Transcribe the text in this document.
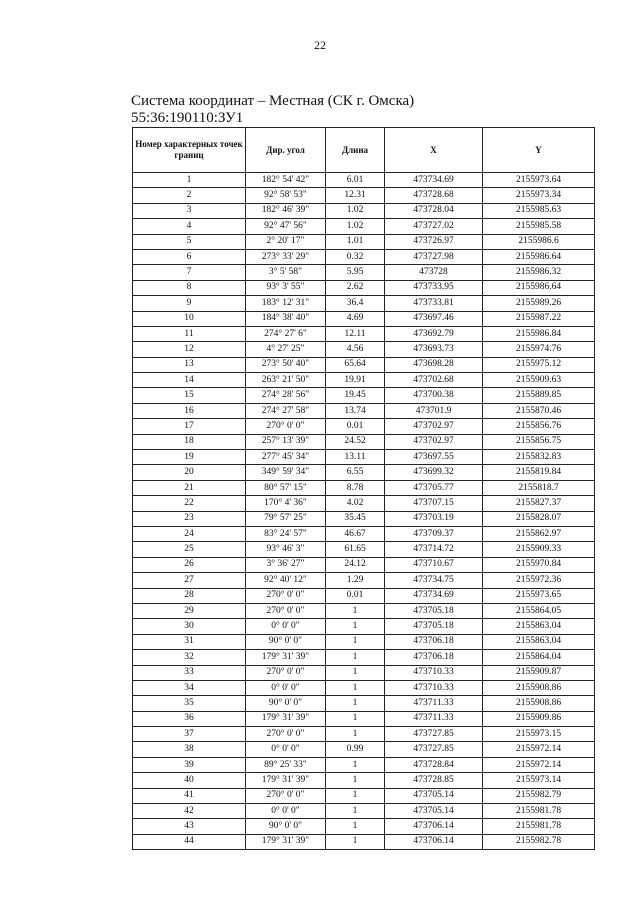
22
Система координат – Местная (СК г. Омска)
55:36:190110:ЗУ1
Номер характерных точек границ	Дир. угол	Длина	X	Y
1	182° 54' 42"	6.01	473734.69	2155973.64
2	92° 58' 53"	12.31	473728.68	2155973.34
3	182° 46' 39"	1.02	473728.04	2155985.63
4	92° 47' 56"	1.02	473727.02	2155985.58
5	2° 20' 17"	1.01	473726.97	2155986.6
6	273° 33' 29"	0.32	473727.98	2155986.64
7	3° 5' 58"	5.95	473728	2155986.32
8	93° 3' 55"	2.62	473733.95	2155986.64
9	183° 12' 31"	36.4	473733.81	2155989.26
10	184° 38' 40"	4.69	473697.46	2155987.22
11	274° 27' 6"	12.11	473692.79	2155986.84
12	4° 27' 25"	4.56	473693.73	2155974.76
13	273° 50' 40"	65.64	473698.28	2155975.12
14	263° 21' 50"	19.91	473702.68	2155909.63
15	274° 28' 56"	19.45	473700.38	2155889.85
16	274° 27' 58"	13.74	473701.9	2155870.46
17	270° 0' 0"	0.01	473702.97	2155856.76
18	257° 13' 39"	24.52	473702.97	2155856.75
19	277° 45' 34"	13.11	473697.55	2155832.83
20	349° 59' 34"	6.55	473699.32	2155819.84
21	80° 57' 15"	8.78	473705.77	2155818.7
22	170° 4' 36"	4.02	473707.15	2155827.37
23	79° 57' 25"	35.45	473703.19	2155828.07
24	83° 24' 57"	46.67	473709.37	2155862.97
25	93° 46' 3"	61.65	473714.72	2155909.33
26	3° 36' 27"	24.12	473710.67	2155970.84
27	92° 40' 12"	1.29	473734.75	2155972.36
28	270° 0' 0"	0.01	473734.69	2155973.65
29	270° 0' 0"	1	473705.18	2155864.05
30	0° 0' 0"	1	473705.18	2155863.04
31	90° 0' 0"	1	473706.18	2155863.04
32	179° 31' 39"	1	473706.18	2155864.04
33	270° 0' 0"	1	473710.33	2155909.87
34	0° 0' 0"	1	473710.33	2155908.86
35	90° 0' 0"	1	473711.33	2155908.86
36	179° 31' 39"	1	473711.33	2155909.86
37	270° 0' 0"	1	473727.85	2155973.15
38	0° 0' 0"	0.99	473727.85	2155972.14
39	89° 25' 33"	1	473728.84	2155972.14
40	179° 31' 39"	1	473728.85	2155973.14
41	270° 0' 0"	1	473705.14	2155982.79
42	0° 0' 0"	1	473705.14	2155981.78
43	90° 0' 0"	1	473706.14	2155981.78
44	179° 31' 39"	1	473706.14	2155982.78
